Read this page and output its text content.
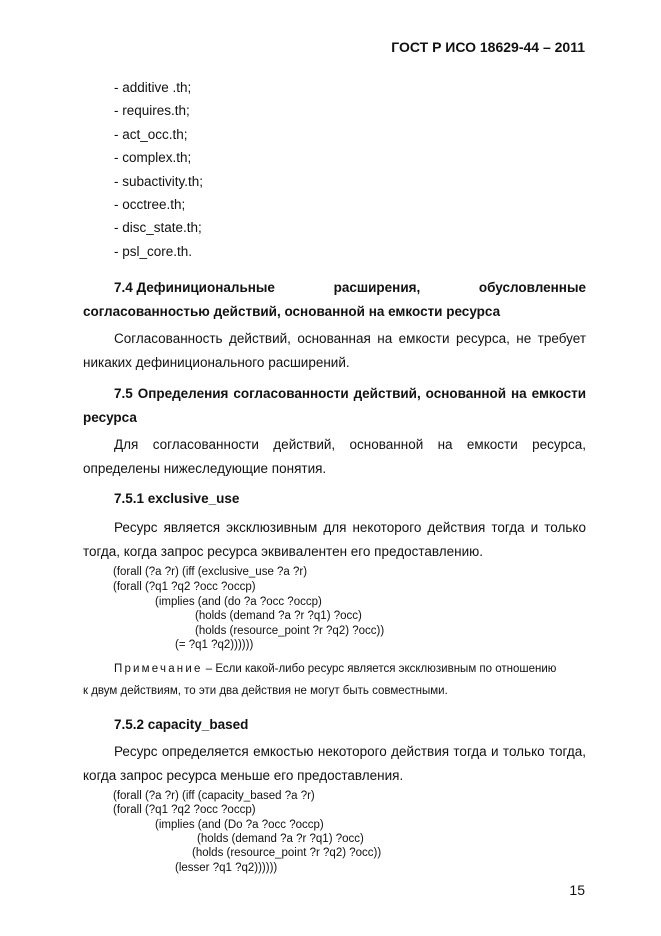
ГОСТ Р ИСО 18629-44 – 2011
- additive .th;
- requires.th;
- act_occ.th;
- complex.th;
- subactivity.th;
- occtree.th;
- disc_state.th;
- psl_core.th.
7.4 Дефинициональные	расширения,	обусловленные
согласованностью действий, основанной на емкости ресурса
Согласованность действий, основанная на емкости ресурса, не требует
никаких дефиниционального расширений.
7.5 Определения согласованности действий, основанной на емкости
ресурса
Для согласованности действий, основанной на емкости ресурса,
определены нижеследующие понятия.
7.5.1 exclusive_use
Ресурс является эксклюзивным для некоторого действия тогда и только
тогда, когда запрос ресурса эквивалентен его предоставлению.
(forall (?a ?r) (iff (exclusive_use ?a ?r)
(forall (?q1 ?q2 ?occ ?occp)
(implies (and (do ?a ?occ ?occp)
(holds (demand ?a ?r ?q1) ?occ)
(holds (resource_point ?r ?q2) ?occ))
(= ?q1 ?q2))))))
Примечание – Если какой-либо ресурс является эксклюзивным по отношению
к двум действиям, то эти два действия не могут быть совместными.
7.5.2 capacity_based
Ресурс определяется емкостью некоторого действия тогда и только тогда,
когда запрос ресурса меньше его предоставления.
(forall (?a ?r) (iff (capacity_based ?a ?r)
(forall (?q1 ?q2 ?occ ?occp)
(implies (and (Do ?a ?occ ?occp)
(holds (demand ?a ?r ?q1) ?occ)
(holds (resource_point ?r ?q2) ?occ))
(lesser ?q1 ?q2))))))
15
